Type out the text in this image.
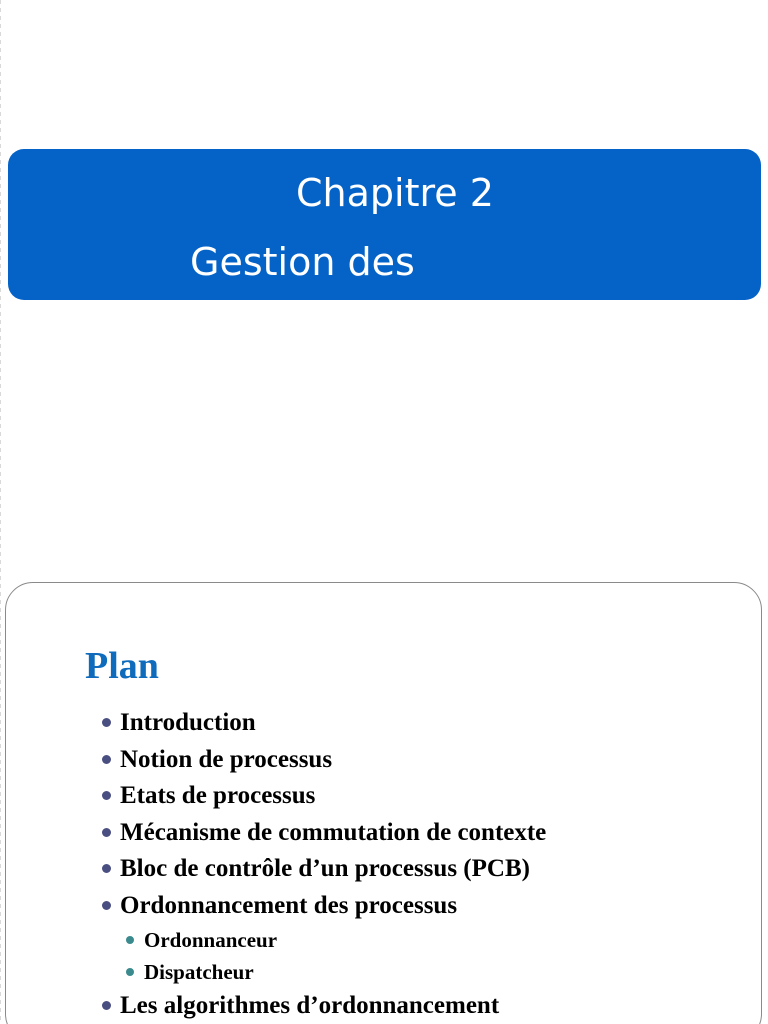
Chapitre 2
Gestion des
Plan
Introduction
Notion de processus
Etats de processus
Mécanisme de commutation de contexte
Bloc de contrôle d’un processus (PCB)
Ordonnancement des processus
Ordonnanceur
Dispatcheur
Les algorithmes d’ordonnancement
